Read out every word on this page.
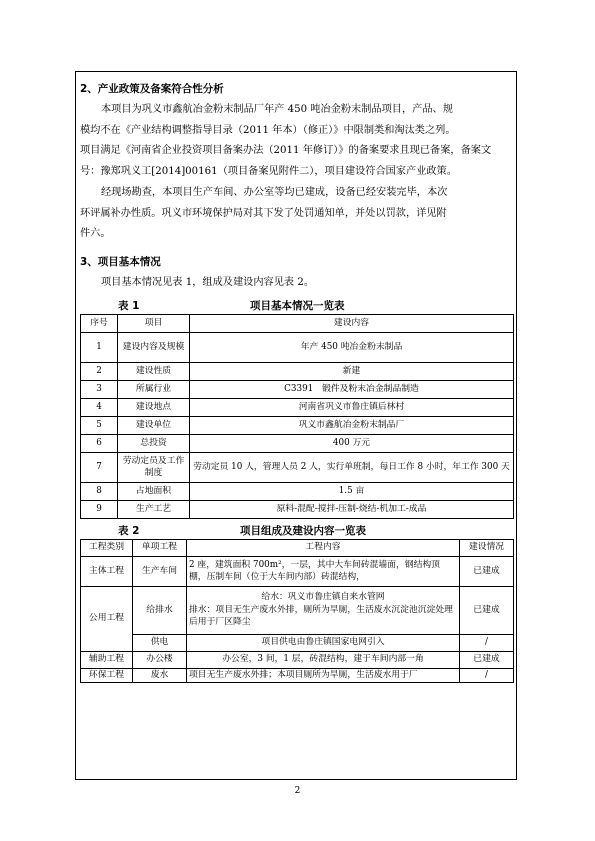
2、产业政策及备案符合性分析

本项目为巩义市鑫航冶金粉末制品厂年产 450 吨冶金粉末制品项目，产品、规
模均不在《产业结构调整指导目录（2011 年本）（修正）》中限制类和淘汰类之列。
项目满足《河南省企业投资项目备案办法（2011 年修订）》的备案要求且现已备案，备案文
号：豫郑巩义工[2014]00161（项目备案见附件二），项目建设符合国家产业政策。

经现场勘查，本项目生产车间、办公室等均已建成，设备已经安装完毕，本次
环评属补办性质。巩义市环境保护局对其下发了处罚通知单，并处以罚款，详见附
件六。

3、项目基本情况

项目基本情况见表 1，组成及建设内容见表 2。

表 1	项目基本情况一览表
序号	项目	建设内容
1	建设内容及规模	年产 450 吨冶金粉末制品
2	建设性质	新建
3	所属行业	C3391　锻件及粉末冶金制品制造
4	建设地点	河南省巩义市鲁庄镇后林村
5	建设单位	巩义市鑫航冶金粉末制品厂
6	总投资	400 万元
7	劳动定员及工作制度	劳动定员 10 人，管理人员 2 人，实行单班制，每日工作 8 小时，年工作 300 天
8	占地面积	1.5 亩
9	生产工艺	原料-混配-搅拌-压制-烧结-机加工-成品
表 2	项目组成及建设内容一览表
工程类别	单项工程	工程内容	建设情况
主体工程	生产车间	2 座，建筑面积 700m²，一层，其中大车间砖混墙面，钢结构顶棚，压制车间（位于大车间内部）砖混结构，	已建成
公用工程	给排水	给水：巩义市鲁庄镇自来水管网
排水：项目无生产废水外排，厕所为旱厕，生活废水沉淀池沉淀处理后用于厂区降尘	已建成
	供电	项目供电由鲁庄镇国家电网引入	/
辅助工程	办公楼	办公室，3 间，1 层，砖混结构，建于车间内部一角	已建成
环保工程	废水	项目无生产废水外排；本项目厕所为旱厕，生活废水用于厂	/
2
